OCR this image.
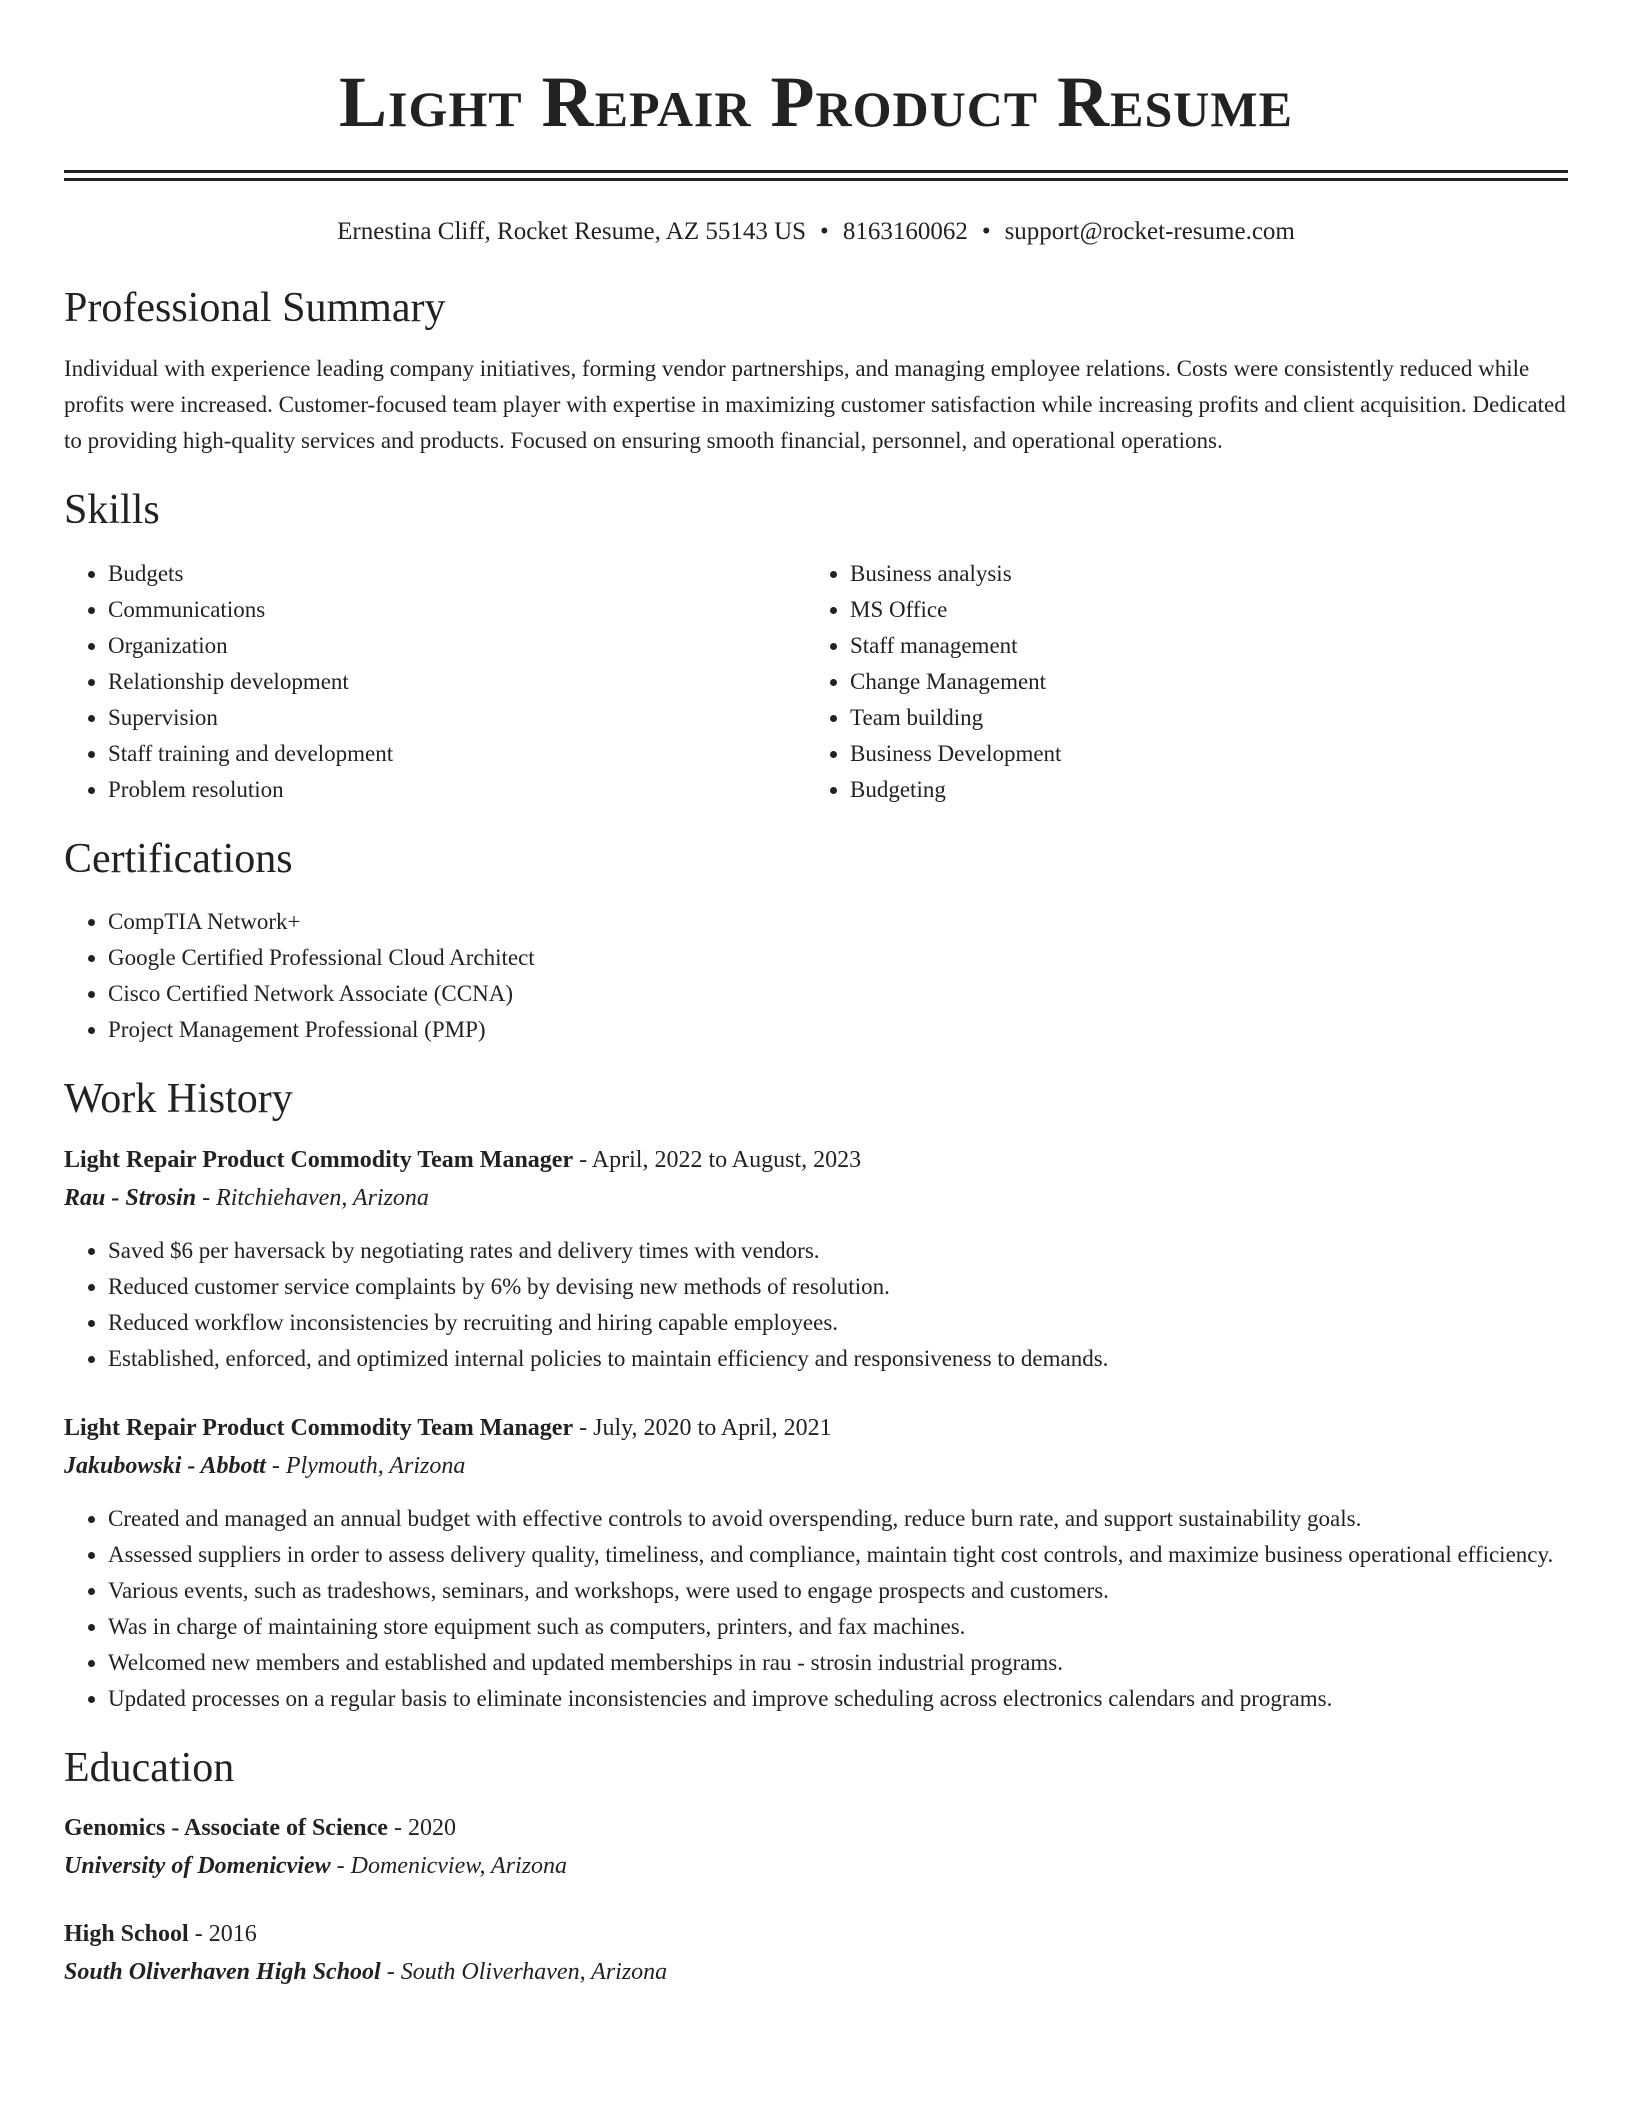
Light Repair Product Resume
Ernestina Cliff, Rocket Resume, AZ 55143 US • 8163160062 • support@rocket-resume.com
Professional Summary

Individual with experience leading company initiatives, forming vendor partnerships, and managing employee relations. Costs were consistently reduced while profits were increased. Customer-focused team player with expertise in maximizing customer satisfaction while increasing profits and client acquisition. Dedicated to providing high-quality services and products. Focused on ensuring smooth financial, personnel, and operational operations.

Skills
• Budgets
• Communications
• Organization
• Relationship development
• Supervision
• Staff training and development
• Problem resolution
• Business analysis
• MS Office
• Staff management
• Change Management
• Team building
• Business Development
• Budgeting
Certifications
• CompTIA Network+
• Google Certified Professional Cloud Architect
• Cisco Certified Network Associate (CCNA)
• Project Management Professional (PMP)
Work History
Light Repair Product Commodity Team Manager - April, 2022 to August, 2023
Rau - Strosin - Ritchiehaven, Arizona
• Saved $6 per haversack by negotiating rates and delivery times with vendors.
• Reduced customer service complaints by 6% by devising new methods of resolution.
• Reduced workflow inconsistencies by recruiting and hiring capable employees.
• Established, enforced, and optimized internal policies to maintain efficiency and responsiveness to demands.
Light Repair Product Commodity Team Manager - July, 2020 to April, 2021
Jakubowski - Abbott - Plymouth, Arizona
• Created and managed an annual budget with effective controls to avoid overspending, reduce burn rate, and support sustainability goals.
• Assessed suppliers in order to assess delivery quality, timeliness, and compliance, maintain tight cost controls, and maximize business operational efficiency.
• Various events, such as tradeshows, seminars, and workshops, were used to engage prospects and customers.
• Was in charge of maintaining store equipment such as computers, printers, and fax machines.
• Welcomed new members and established and updated memberships in rau - strosin industrial programs.
• Updated processes on a regular basis to eliminate inconsistencies and improve scheduling across electronics calendars and programs.
Education
Genomics - Associate of Science - 2020
University of Domenicview - Domenicview, Arizona
High School - 2016
South Oliverhaven High School - South Oliverhaven, Arizona
